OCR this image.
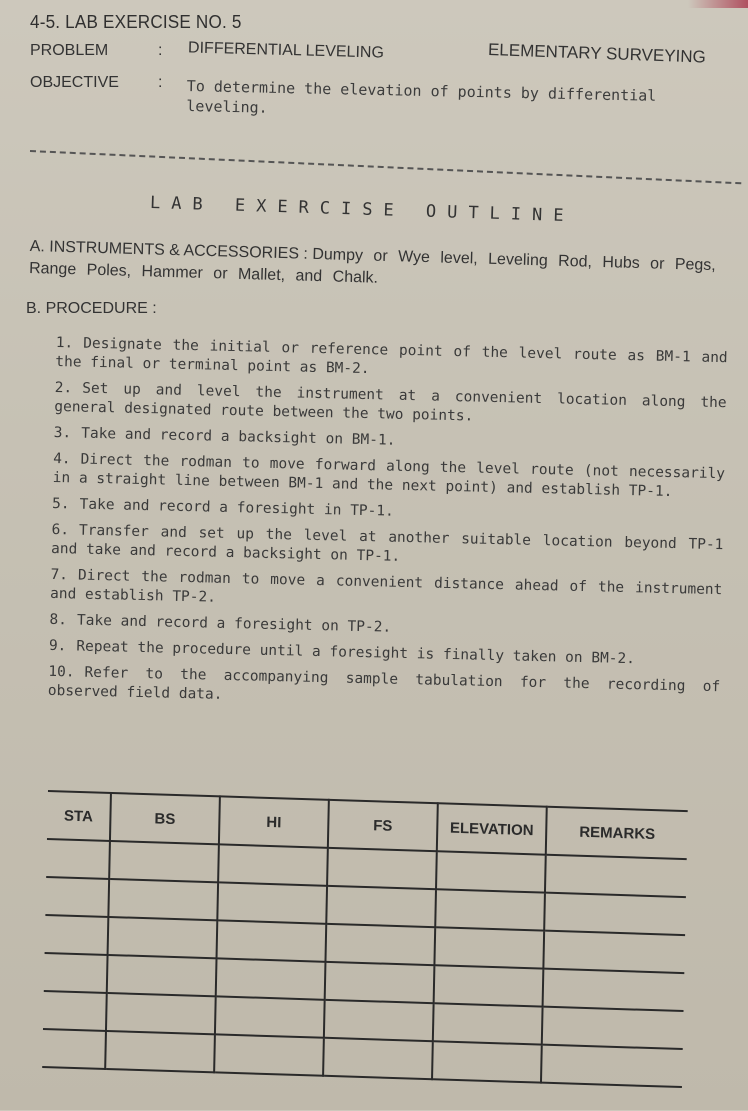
4-5. LAB EXERCISE NO. 5
ELEMENTARY SURVEYING
PROBLEM	: DIFFERENTIAL LEVELING
OBJECTIVE :	To determine the elevation of points by differential leveling.
LAB EXERCISE OUTLINE
A. INSTRUMENTS & ACCESSORIES : Dumpy or Wye level, Leveling Rod, Hubs or Pegs, Range Poles, Hammer or Mallet, and Chalk.
B. PROCEDURE :
1. Designate the initial or reference point of the level route as BM-1 and the final or terminal point as BM-2.
2. Set up and level the instrument at a convenient location along the general designated route between the two points.
3. Take and record a backsight on BM-1.
4. Direct the rodman to move forward along the level route (not necessarily in a straight line between BM-1 and the next point) and establish TP-1.
5. Take and record a foresight in TP-1.
6. Transfer and set up the level at another suitable location beyond TP-1 and take and record a backsight on TP-1.
7. Direct the rodman to move a convenient distance ahead of the instrument and establish TP-2.
8. Take and record a foresight on TP-2.
9. Repeat the procedure until a foresight is finally taken on BM-2.
10. Refer to the accompanying sample tabulation for the recording of observed field data.
STA	BS	HI	FS	ELEVATION	REMARKS
